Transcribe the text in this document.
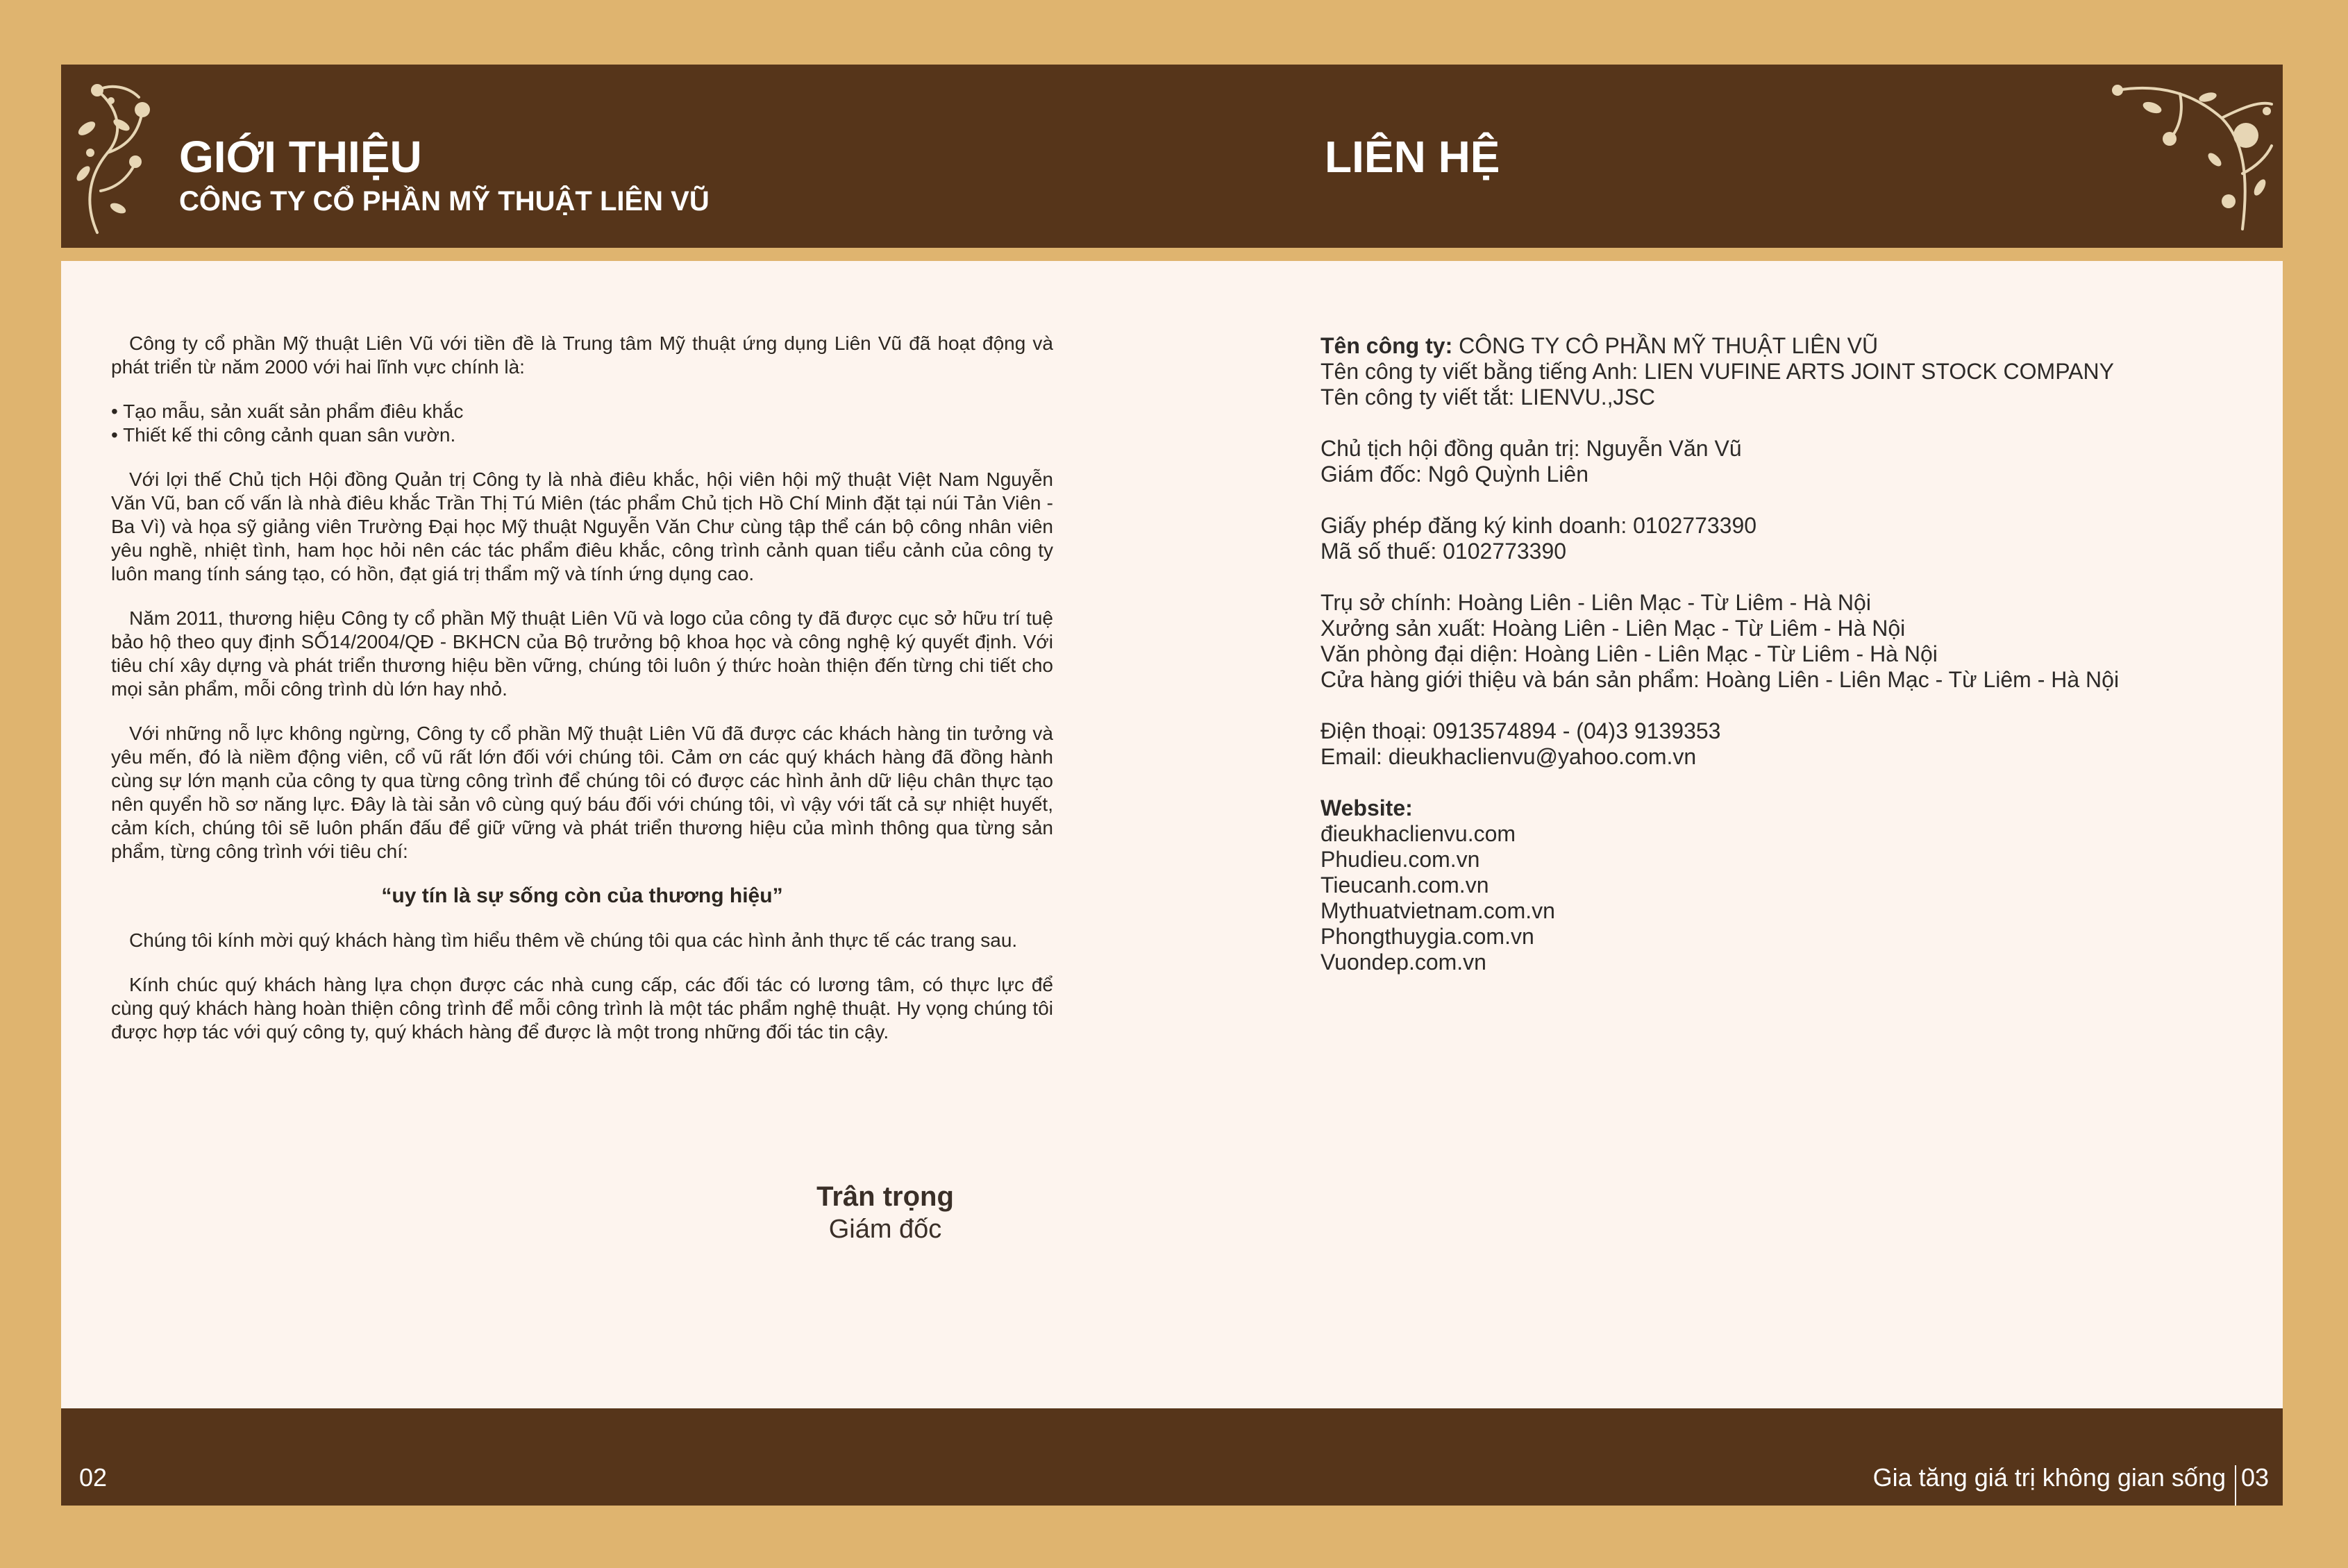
GIỚI THIỆU
CÔNG TY CỔ PHẦN MỸ THUẬT LIÊN VŨ
LIÊN HỆ

Công ty cổ phần Mỹ thuật Liên Vũ với tiền đề là Trung tâm Mỹ thuật ứng dụng Liên Vũ đã hoạt động và phát triển từ năm 2000 với hai lĩnh vực chính là:

• Tạo mẫu, sản xuất sản phẩm điêu khắc
• Thiết kế thi công cảnh quan sân vườn.

Với lợi thế Chủ tịch Hội đồng Quản trị Công ty là nhà điêu khắc, hội viên hội mỹ thuật Việt Nam Nguyễn Văn Vũ, ban cố vấn là nhà điêu khắc Trần Thị Tú Miên (tác phẩm Chủ tịch Hồ Chí Minh đặt tại núi Tản Viên - Ba Vì) và họa sỹ giảng viên Trường Đại học Mỹ thuật Nguyễn Văn Chư cùng tập thể cán bộ công nhân viên yêu nghề, nhiệt tình, ham học hỏi nên các tác phẩm điêu khắc, công trình cảnh quan tiểu cảnh của công ty luôn mang tính sáng tạo, có hồn, đạt giá trị thẩm mỹ và tính ứng dụng cao.

Năm 2011, thương hiệu Công ty cổ phần Mỹ thuật Liên Vũ và logo của công ty đã được cục sở hữu trí tuệ bảo hộ theo quy định SỐ14/2004/QĐ - BKHCN của Bộ trưởng bộ khoa học và công nghệ ký quyết định. Với tiêu chí xây dựng và phát triển thương hiệu bền vững, chúng tôi luôn ý thức hoàn thiện đến từng chi tiết cho mọi sản phẩm, mỗi công trình dù lớn hay nhỏ.

Với những nỗ lực không ngừng, Công ty cổ phần Mỹ thuật Liên Vũ đã được các khách hàng tin tưởng và yêu mến, đó là niềm động viên, cổ vũ rất lớn đối với chúng tôi. Cảm ơn các quý khách hàng đã đồng hành cùng sự lớn mạnh của công ty qua từng công trình để chúng tôi có được các hình ảnh dữ liệu chân thực tạo nên quyển hồ sơ năng lực. Đây là tài sản vô cùng quý báu đối với chúng tôi, vì vậy với tất cả sự nhiệt huyết, cảm kích, chúng tôi sẽ luôn phấn đấu để giữ vững và phát triển thương hiệu của mình thông qua từng sản phẩm, từng công trình với tiêu chí:

“uy tín là sự sống còn của thương hiệu”

Chúng tôi kính mời quý khách hàng tìm hiểu thêm về chúng tôi qua các hình ảnh thực tế các trang sau.

Kính chúc quý khách hàng lựa chọn được các nhà cung cấp, các đối tác có lương tâm, có thực lực để cùng quý khách hàng hoàn thiện công trình để mỗi công trình là một tác phẩm nghệ thuật. Hy vọng chúng tôi được hợp tác với quý công ty, quý khách hàng để được là một trong những đối tác tin cậy.

Trân trọng
Giám đốc
Tên công ty: CÔNG TY CÔ PHẦN MỸ THUẬT LIÊN VŨ
Tên công ty viết bằng tiếng Anh: LIEN VUFINE ARTS JOINT STOCK COMPANY
Tên công ty viết tắt: LIENVU.,JSC
Chủ tịch hội đồng quản trị: Nguyễn Văn Vũ
Giám đốc: Ngô Quỳnh Liên
Giấy phép đăng ký kinh doanh: 0102773390
Mã số thuế: 0102773390
Trụ sở chính: Hoàng Liên - Liên Mạc - Từ Liêm - Hà Nội
Xưởng sản xuất: Hoàng Liên - Liên Mạc - Từ Liêm - Hà Nội
Văn phòng đại diện: Hoàng Liên - Liên Mạc - Từ Liêm - Hà Nội
Cửa hàng giới thiệu và bán sản phẩm: Hoàng Liên - Liên Mạc - Từ Liêm - Hà Nội
Điện thoại: 0913574894 - (04)3 9139353
Email: dieukhaclienvu@yahoo.com.vn
Website:
đieukhaclienvu.com
Phudieu.com.vn
Tieucanh.com.vn
Mythuatvietnam.com.vn
Phongthuygia.com.vn
Vuondep.com.vn
02	Gia tăng giá trị không gian sống 03
